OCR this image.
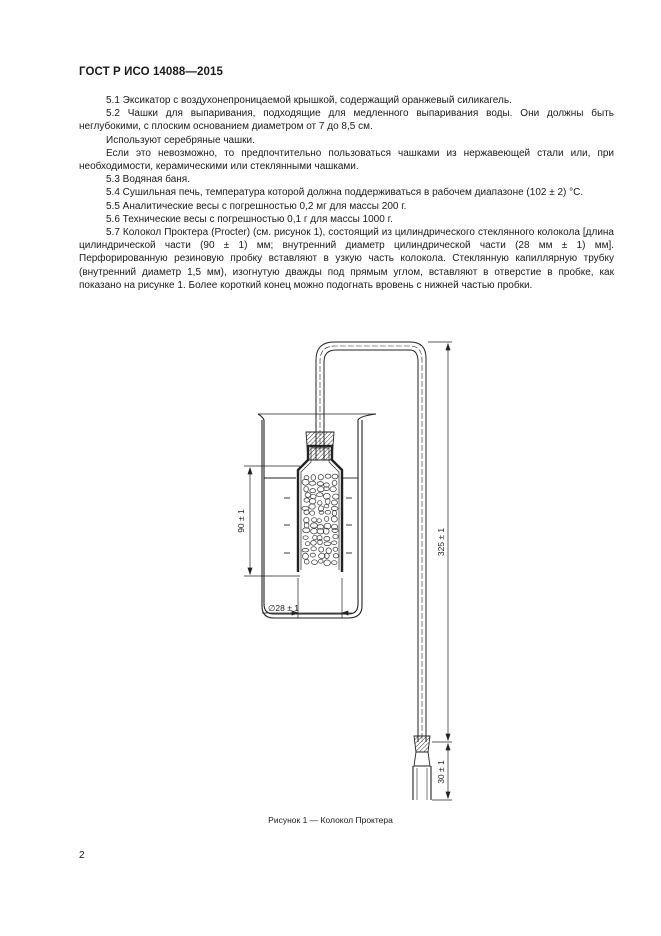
ГОСТ Р ИСО 14088—2015

5.1 Эксикатор с воздухонепроницаемой крышкой, содержащий оранжевый силикагель.

5.2 Чашки для выпаривания, подходящие для медленного выпаривания воды. Они должны быть неглубокими, с плоским основанием диаметром от 7 до 8,5 см.

Используют серебряные чашки.

Если это невозможно, то предпочтительно пользоваться чашками из нержавеющей стали или, при необходимости, керамическими или стеклянными чашками.

5.3 Водяная баня.

5.4 Сушильная печь, температура которой должна поддерживаться в рабочем диапазоне (102 ± 2) °C.

5.5 Аналитические весы с погрешностью 0,2 мг для массы 200 г.

5.6 Технические весы с погрешностью 0,1 г для массы 1000 г.

5.7 Колокол Проктера (Procter) (см. рисунок 1), состоящий из цилиндрического стеклянного колокола [длина цилиндрической части (90 ± 1) мм; внутренний диаметр цилиндрической части (28 мм ± 1) мм]. Перфорированную резиновую пробку вставляют в узкую часть колокола. Стеклянную капиллярную трубку (внутренний диаметр 1,5 мм), изогнутую дважды под прямым углом, вставляют в отверстие в пробке, как показано на рисунке 1. Более короткий конец можно подогнать вровень с нижней частью пробки.

90 ± 1
∅28 ± 1
325 ± 1
30 ± 1
Рисунок 1 — Колокол Проктера
2
